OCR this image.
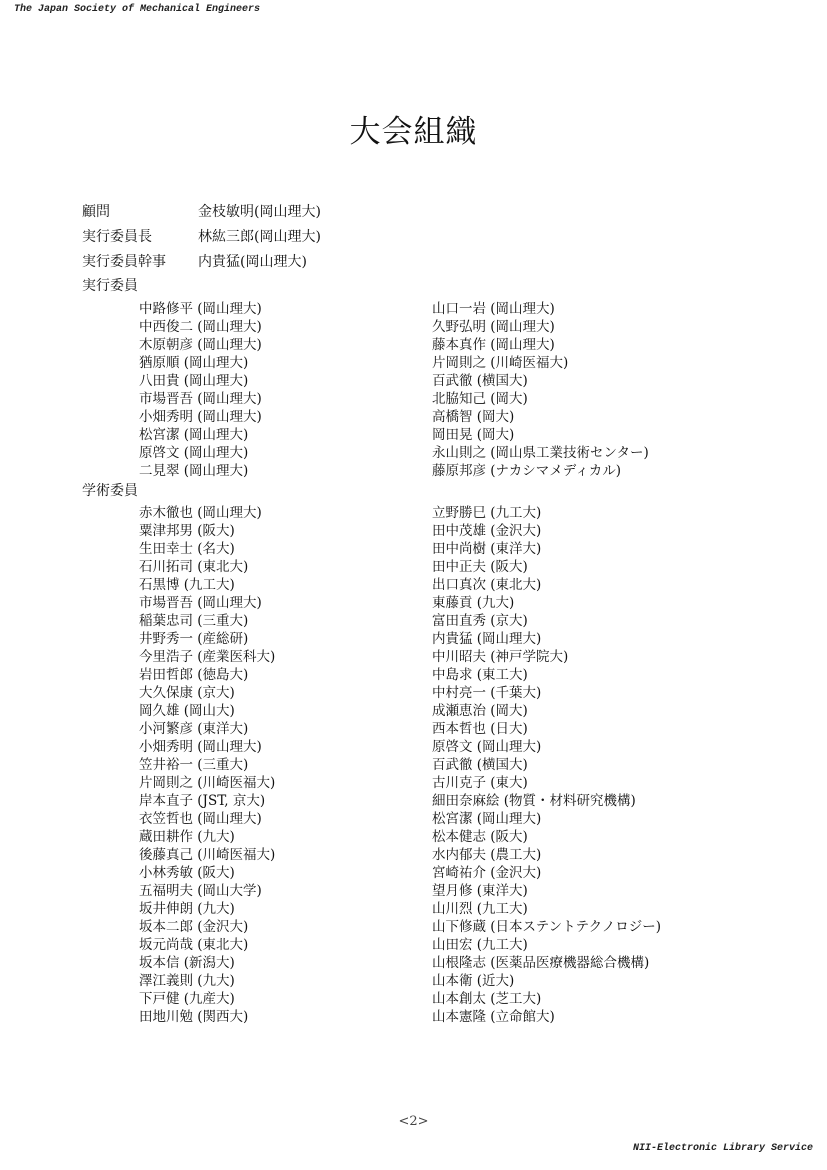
The Japan Society of Mechanical Engineers
大会組織
顧問	金枝敏明(岡山理大)
実行委員長	林紘三郎(岡山理大)
実行委員幹事 内貴猛(岡山理大)
実行委員
中路修平 (岡山理大)
中西俊二 (岡山理大)
木原朝彦 (岡山理大)
猶原順 (岡山理大)
八田貴 (岡山理大)
市場晋吾 (岡山理大)
小畑秀明 (岡山理大)
松宮潔 (岡山理大)
原啓文 (岡山理大)
二見翠 (岡山理大)
山口一岩 (岡山理大)
久野弘明 (岡山理大)
藤本真作 (岡山理大)
片岡則之 (川崎医福大)
百武徹 (横国大)
北脇知己 (岡大)
高橋智 (岡大)
岡田晃 (岡大)
永山則之 (岡山県工業技術センター)
藤原邦彦 (ナカシマメディカル)
学術委員
赤木徹也 (岡山理大)
粟津邦男 (阪大)
生田幸士 (名大)
石川拓司 (東北大)
石黒博 (九工大)
市場晋吾 (岡山理大)
稲葉忠司 (三重大)
井野秀一 (産総研)
今里浩子 (産業医科大)
岩田哲郎 (徳島大)
大久保康 (京大)
岡久雄 (岡山大)
小河繁彦 (東洋大)
小畑秀明 (岡山理大)
笠井裕一 (三重大)
片岡則之 (川崎医福大)
岸本直子 (JST, 京大)
衣笠哲也 (岡山理大)
蔵田耕作 (九大)
後藤真己 (川崎医福大)
小林秀敏 (阪大)
五福明夫 (岡山大学)
坂井伸朗 (九大)
坂本二郎 (金沢大)
坂元尚哉 (東北大)
坂本信 (新潟大)
澤江義則 (九大)
下戸健 (九産大)
田地川勉 (関西大)
立野勝巳 (九工大)
田中茂雄 (金沢大)
田中尚樹 (東洋大)
田中正夫 (阪大)
出口真次 (東北大)
東藤貢 (九大)
富田直秀 (京大)
内貴猛 (岡山理大)
中川昭夫 (神戸学院大)
中島求 (東工大)
中村亮一 (千葉大)
成瀬恵治 (岡大)
西本哲也 (日大)
原啓文 (岡山理大)
百武徹 (横国大)
古川克子 (東大)
細田奈麻絵 (物質・材料研究機構)
松宮潔 (岡山理大)
松本健志 (阪大)
水内郁夫 (農工大)
宮崎祐介 (金沢大)
望月修 (東洋大)
山川烈 (九工大)
山下修蔵 (日本ステントテクノロジー)
山田宏 (九工大)
山根隆志 (医薬品医療機器総合機構)
山本衛 (近大)
山本創太 (芝工大)
山本憲隆 (立命館大)
<2>
NII-Electronic Library Service
